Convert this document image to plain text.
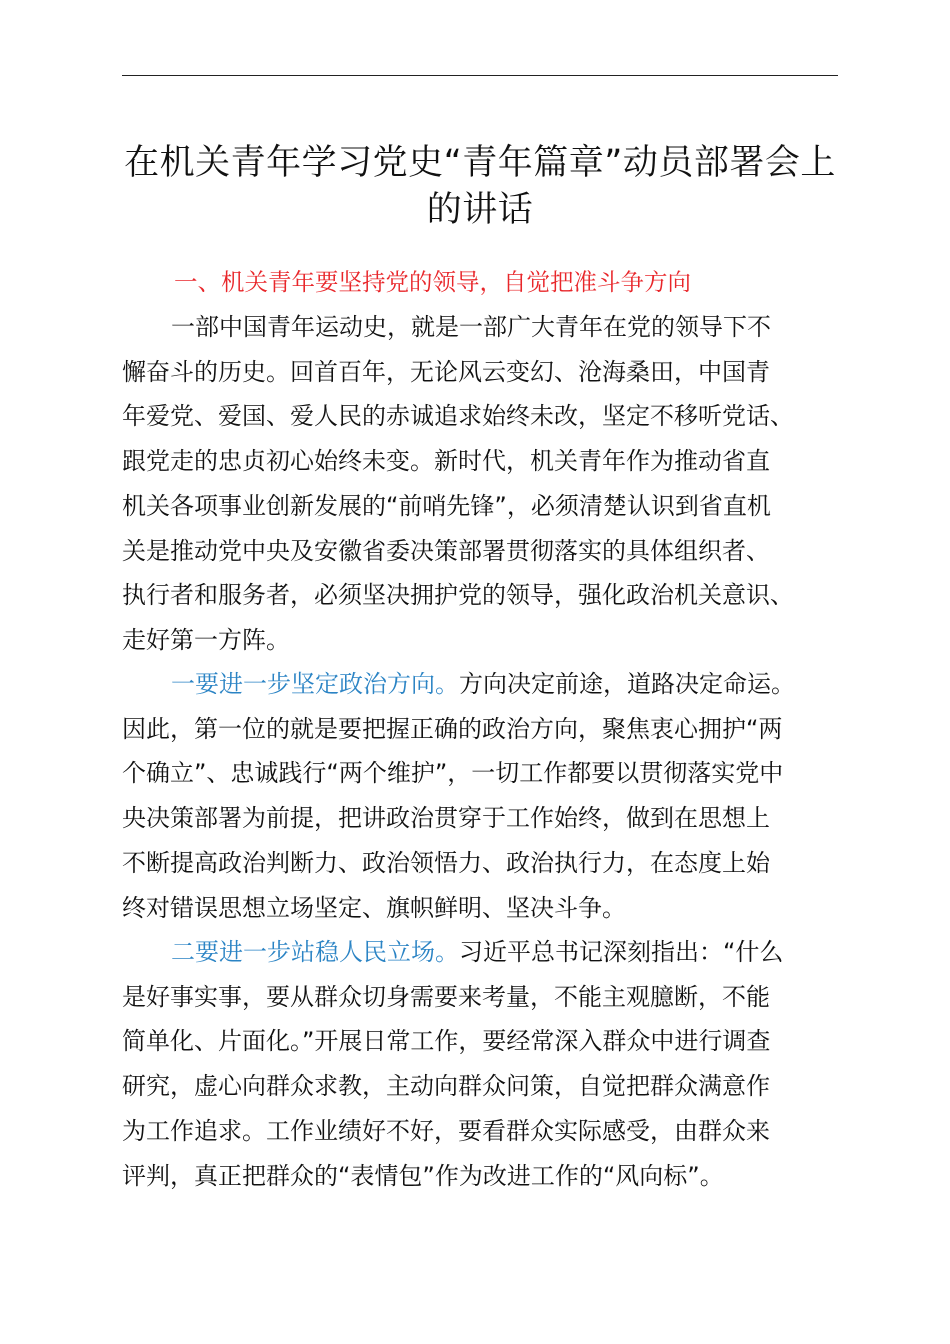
在机关青年学习党史“青年篇章”动员部署会上
的讲话

一、机关青年要坚持党的领导，自觉把准斗争方向

一部中国青年运动史，就是一部广大青年在党的领导下不
懈奋斗的历史。回首百年，无论风云变幻、沧海桑田，中国青
年爱党、爱国、爱人民的赤诚追求始终未改，坚定不移听党话、
跟党走的忠贞初心始终未变。新时代，机关青年作为推动省直
机关各项事业创新发展的“前哨先锋”，必须清楚认识到省直机
关是推动党中央及安徽省委决策部署贯彻落实的具体组织者、
执行者和服务者，必须坚决拥护党的领导，强化政治机关意识、
走好第一方阵。
一要进一步坚定政治方向。方向决定前途，道路决定命运。
因此，第一位的就是要把握正确的政治方向，聚焦衷心拥护“两
个确立”、忠诚践行“两个维护”，一切工作都要以贯彻落实党中
央决策部署为前提，把讲政治贯穿于工作始终，做到在思想上
不断提高政治判断力、政治领悟力、政治执行力，在态度上始
终对错误思想立场坚定、旗帜鲜明、坚决斗争。
二要进一步站稳人民立场。习近平总书记深刻指出：“什么
是好事实事，要从群众切身需要来考量，不能主观臆断，不能
简单化、片面化。”开展日常工作，要经常深入群众中进行调查
研究，虚心向群众求教，主动向群众问策，自觉把群众满意作
为工作追求。工作业绩好不好，要看群众实际感受，由群众来
评判，真正把群众的“表情包”作为改进工作的“风向标”。
